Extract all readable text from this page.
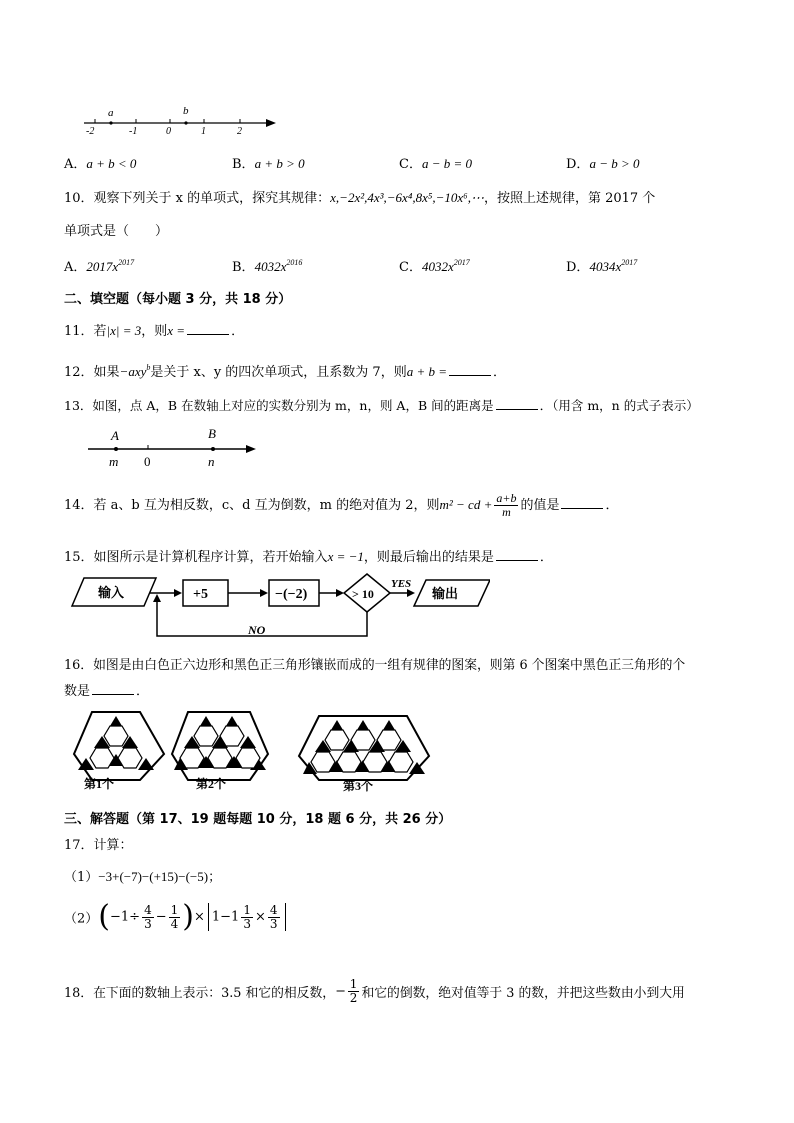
a	b
-2	-1	0	1	2
A．a + b < 0	B．a + b > 0	C．a − b = 0	D．a − b > 0
10．观察下列关于 x 的单项式，探究其规律：x,−2x²,4x³,−6x⁴,8x⁵,−10x⁶,⋯，按照上述规律，第 2017 个
单项式是（　　）
A．$2017x^{2017}$	B．$4032x^{2016}$	C．$4032x^{2017}$	D．$4034x^{2017}$
二、填空题（每小题 3 分，共 18 分）
11．若|x| = 3，则x =	．
12．如果−axy$^b$是关于 x、y 的四次单项式，且系数为 7，则a + b =	．
13．如图，点 A，B 在数轴上对应的实数分别为 m，n，则 A，B 间的距离是	．（用含 m，n 的式子表示）
A	B
m 0	n
14．若 a、b 互为相反数，c、d 互为倒数，m 的绝对值为 2，则m² − cd + $\frac{a+b}{m}$ 的值是	．
15．如图所示是计算机程序计算，若开始输入x = −1，则最后输出的结果是	．
输入	+5	−(−2)	> 10
YES
输出
NO
16．如图是由白色正六边形和黑色正三角形镶嵌而成的一组有规律的图案，则第 6 个图案中黑色正三角形的个
数是	．
第1个	第2个	第3个
三、解答题（第 17、19 题每题 10 分，18 题 6 分，共 26 分）
17．计算：
（1）−3+(−7)−(+15)−(−5)；
$(2)(-1\div \frac{4}{3} - \frac{1}{4}$ )× $1-1 \frac{1}{3} \times \frac{4}{3}$
18．在下面的数轴上表示：3.5 和它的相反数，− $\frac{1}{2}$ 和它的倒数，绝对值等于 3 的数，并把这些数由小到大用
